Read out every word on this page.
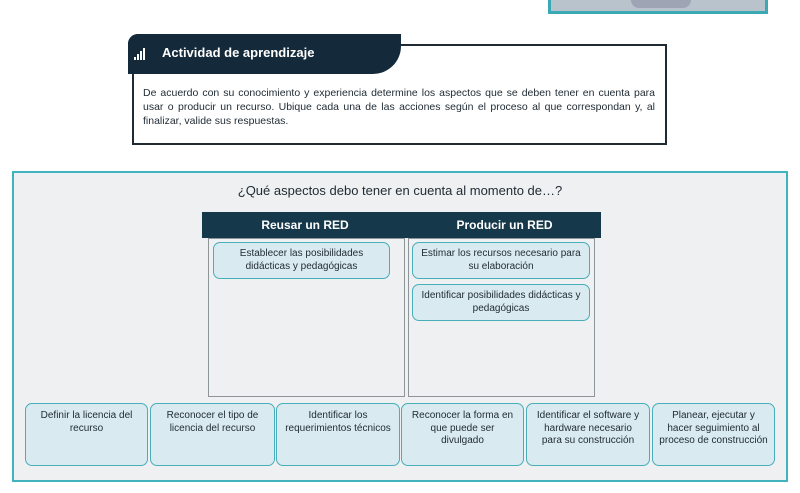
Actividad de aprendizaje

De acuerdo con su conocimiento y experiencia determine los aspectos que se deben tener en cuenta para usar o producir un recurso. Ubique cada una de las acciones según el proceso al que correspondan y, al finalizar, valide sus respuestas.

¿Qué aspectos debo tener en cuenta al momento de…?
Reusar un RED	Producir un RED
Establecer las posibilidades didácticas y pedagógicas
Estimar los recursos necesario para su elaboración
Identificar posibilidades didácticas y pedagógicas
Definir la licencia del recurso
Reconocer el tipo de licencia del recurso
Identificar los requerimientos técnicos
Reconocer la forma en que puede ser divulgado
Identificar el software y hardware necesario para su construcción
Planear, ejecutar y hacer seguimiento al proceso de construcción
